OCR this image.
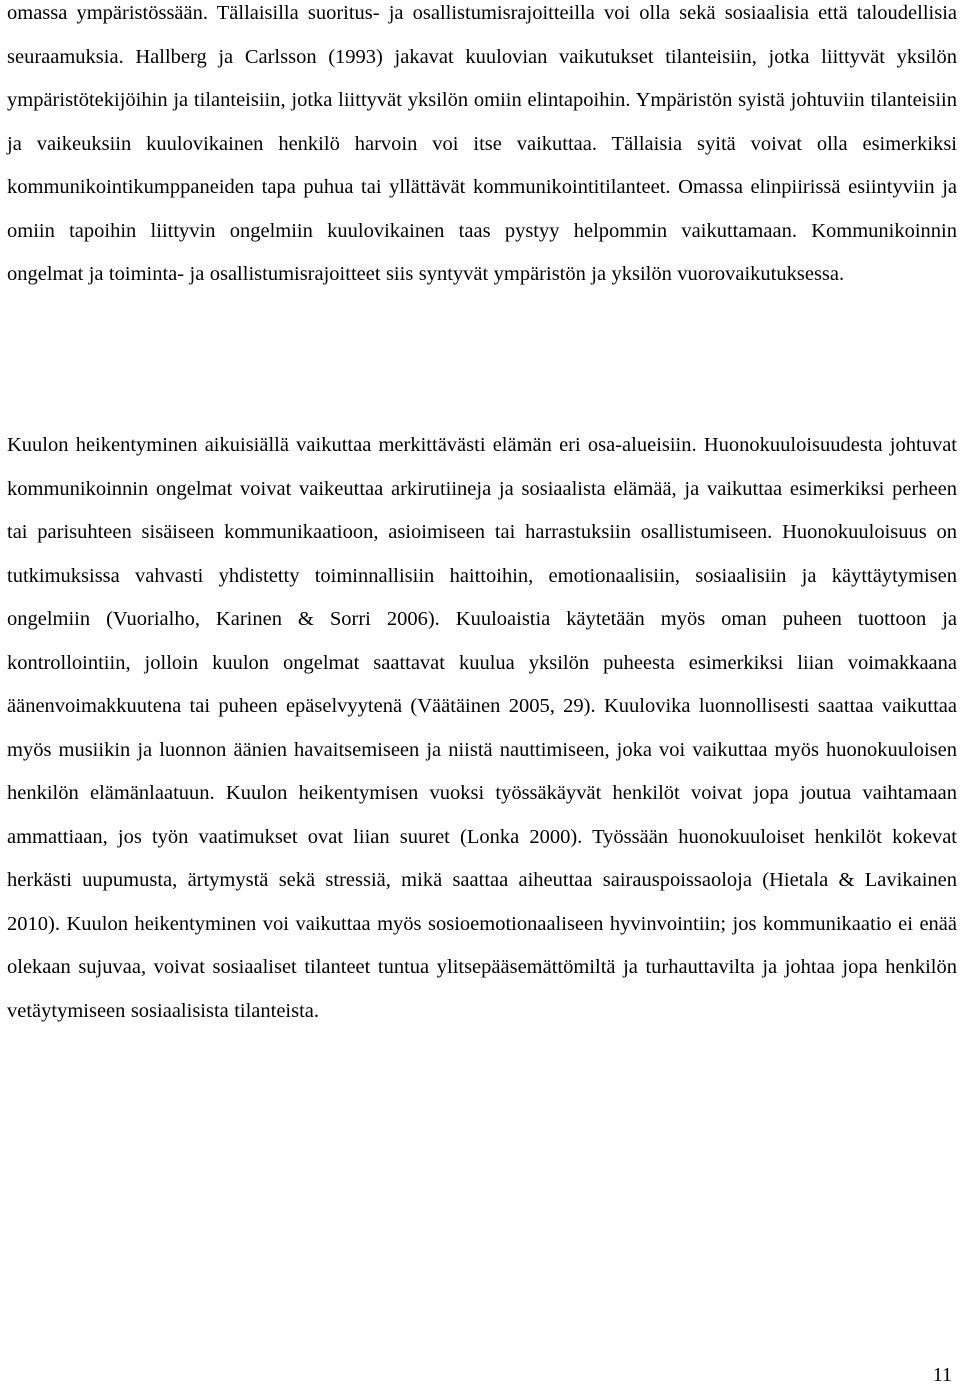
omassa ympäristössään. Tällaisilla suoritus- ja osallistumisrajoitteilla voi olla sekä sosiaalisia että taloudellisia seuraamuksia. Hallberg ja Carlsson (1993) jakavat kuulovian vaikutukset tilanteisiin, jotka liittyvät yksilön ympäristötekijöihin ja tilanteisiin, jotka liittyvät yksilön omiin elintapoihin. Ympäristön syistä johtuviin tilanteisiin ja vaikeuksiin kuulovikainen henkilö harvoin voi itse vaikuttaa. Tällaisia syitä voivat olla esimerkiksi kommunikointikumppaneiden tapa puhua tai yllättävät kommunikointitilanteet. Omassa elinpiirissä esiintyviin ja omiin tapoihin liittyvin ongelmiin kuulovikainen taas pystyy helpommin vaikuttamaan. Kommunikoinnin ongelmat ja toiminta- ja osallistumisrajoitteet siis syntyvät ympäristön ja yksilön vuorovaikutuksessa.

Kuulon heikentyminen aikuisiällä vaikuttaa merkittävästi elämän eri osa-alueisiin. Huonokuuloisuudesta johtuvat kommunikoinnin ongelmat voivat vaikeuttaa arkirutiineja ja sosiaalista elämää, ja vaikuttaa esimerkiksi perheen tai parisuhteen sisäiseen kommunikaatioon, asioimiseen tai harrastuksiin osallistumiseen. Huonokuuloisuus on tutkimuksissa vahvasti yhdistetty toiminnallisiin haittoihin, emotionaalisiin, sosiaalisiin ja käyttäytymisen ongelmiin (Vuorialho, Karinen & Sorri 2006). Kuuloaistia käytetään myös oman puheen tuottoon ja kontrollointiin, jolloin kuulon ongelmat saattavat kuulua yksilön puheesta esimerkiksi liian voimakkaana äänenvoimakkuutena tai puheen epäselvyytenä (Väätäinen 2005, 29). Kuulovika luonnollisesti saattaa vaikuttaa myös musiikin ja luonnon äänien havaitsemiseen ja niistä nauttimiseen, joka voi vaikuttaa myös huonokuuloisen henkilön elämänlaatuun. Kuulon heikentymisen vuoksi työssäkäyvät henkilöt voivat jopa joutua vaihtamaan ammattiaan, jos työn vaatimukset ovat liian suuret (Lonka 2000). Työssään huonokuuloiset henkilöt kokevat herkästi uupumusta, ärtymystä sekä stressiä, mikä saattaa aiheuttaa sairauspoissaoloja (Hietala & Lavikainen 2010). Kuulon heikentyminen voi vaikuttaa myös sosioemotionaaliseen hyvinvointiin; jos kommunikaatio ei enää olekaan sujuvaa, voivat sosiaaliset tilanteet tuntua ylitsepääsemättömiltä ja turhauttavilta ja johtaa jopa henkilön vetäytymiseen sosiaalisista tilanteista.

11
